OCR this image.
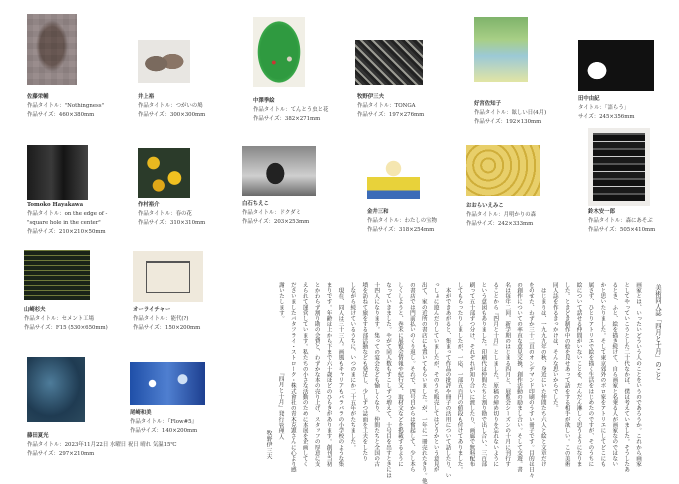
佐藤栄輔
作品タイトル："Nothingness"
作品サイズ：460×380mm
井上裕
作品タイトル：つがいの鳩
作品サイズ：300×300mm
中澤季絵
作品タイトル：てんとう虫と花
作品サイズ：382×271mm
牧野伊三夫
作品タイトル：TONGA
作品サイズ：197×276mm
好宮佐知子
作品タイトル：眩しい日(4月)
作品サイズ：192×130mm
田中由紀
タイトル：「語らう」
サイズ：245×356mm
Tomoko Hayakawa
作品タイトル：on the edge of -
"square hole in the center"
作品サイズ：210×210×50mm
作村裕介
作品タイトル：春の花
作品サイズ：310×310mm
白石ちえこ
作品タイトル：ドクダミ
作品サイズ：203×253mm
金井三和
作品タイトル：わたしの宝物
作品サイズ：318×254mm
おおらいえみこ
作品タイトル：月明かりの森
作品サイズ：242×333mm
鈴木安一郎
作品タイトル：森にあそぶ
作品サイズ：505×410mm
山崎杉夫
作品タイトル：セメント工場
作品サイズ：F15 (530×650mm)
オーライチャー
作品タイトル：能代(?)
作品サイズ：150×200mm
藤田夏光
作品タイトル：2023年11月22日 水曜日 祝日 晴れ 気温15℃
作品サイズ：297×210mm
尾崎和美
作品タイトル：『Flow#5』
作品サイズ：140×200mm
美術同人誌「四月と十月」のこと
画家とは、いったいどういう人のことをいうのであろうか。これから画家
としてやっていこうとした二十代なかば、僕は考えていました。そうしたあ
るとき、ふと、絵を描き続けて、自ら画家と名乗る人が画家なのではない
かと思いたりました。そして東京郊外のボロ家をアトリエにしてどこにも
属さず、ひとりアトリエで絵を描く生活をはじめたのですが、そのうちに
絵について話せる仲間がいないことを、だんだん淋しく思うようになりま
した。ときどき制作中の絵を見せあって話をする相手が欲しい。この美術
同人誌を作るきっかけは、そんな思いからでした。
　はじまりは、一九九九年の秋、身近にいた仲間たち六人と絵と文章だけ
をのせた、わずか三十二頁のオンデマンド印刷のうすい冊子です。目的は日々
の創作についての率直な意見交換、創作活動の励まし合い。そして交遊。書
名は毎年二回、新学期のはじまる四月と、展覧会シーズンの十月に刊行す
ることから『四月と十月』としました。原稿の締め切りを忘れないように
という意図もありました。印刷代は仲間たちと割り勘で出し合い、三百部
刷って五十部ずつ分け、それぞれが知り合いに渡したり、画廊で無料配布
してもらったりしましたが、一応、一部五百円の値段も付けてありました。
　本ができあがると、集まって作品の批評や冊子の活用について話したり、い
っしょに遊んだりしていましたが、そのうち販売してはどうかという意見が
出て、家の近所の書店にも置いてもらいました。が、一年に一冊売れたきり。他
の書店では門前払いのくり返し。それで、四号目からは奮起して、少し本ら
しくしようと、巻末に展覧会情報や紀行文、取材文などを掲載するように
なっていきました。やがて同人数もすこしずつ増えて、十号目を出すときには
十四人になります。集っての宴会なども愉しくなり、仲間たちと全国の古
墳を訪ねて旅をする部活動なども発足し、少しずつ誌面を工夫をしたり
しながら続けているうちに、いつのまにか二十五年がたちました。
　現在、同人は三十三人。画風もキャリアもバラバラの小学校のような集
まりです。年齢は上から下まで六十歳ほどのひらきがあります。創刊当初
とかわらず割り勘の会費と、わずかな本の売り上げ、スタッフの厚意に支
えられて運営しています。私たちの小さな活動のために本展を企画してく
ださいましたバタフライ・ストローク・株式會社の青木克憲さんに心より感
謝いたします。
『四月と十月』発行管理人
牧野伊三夫
